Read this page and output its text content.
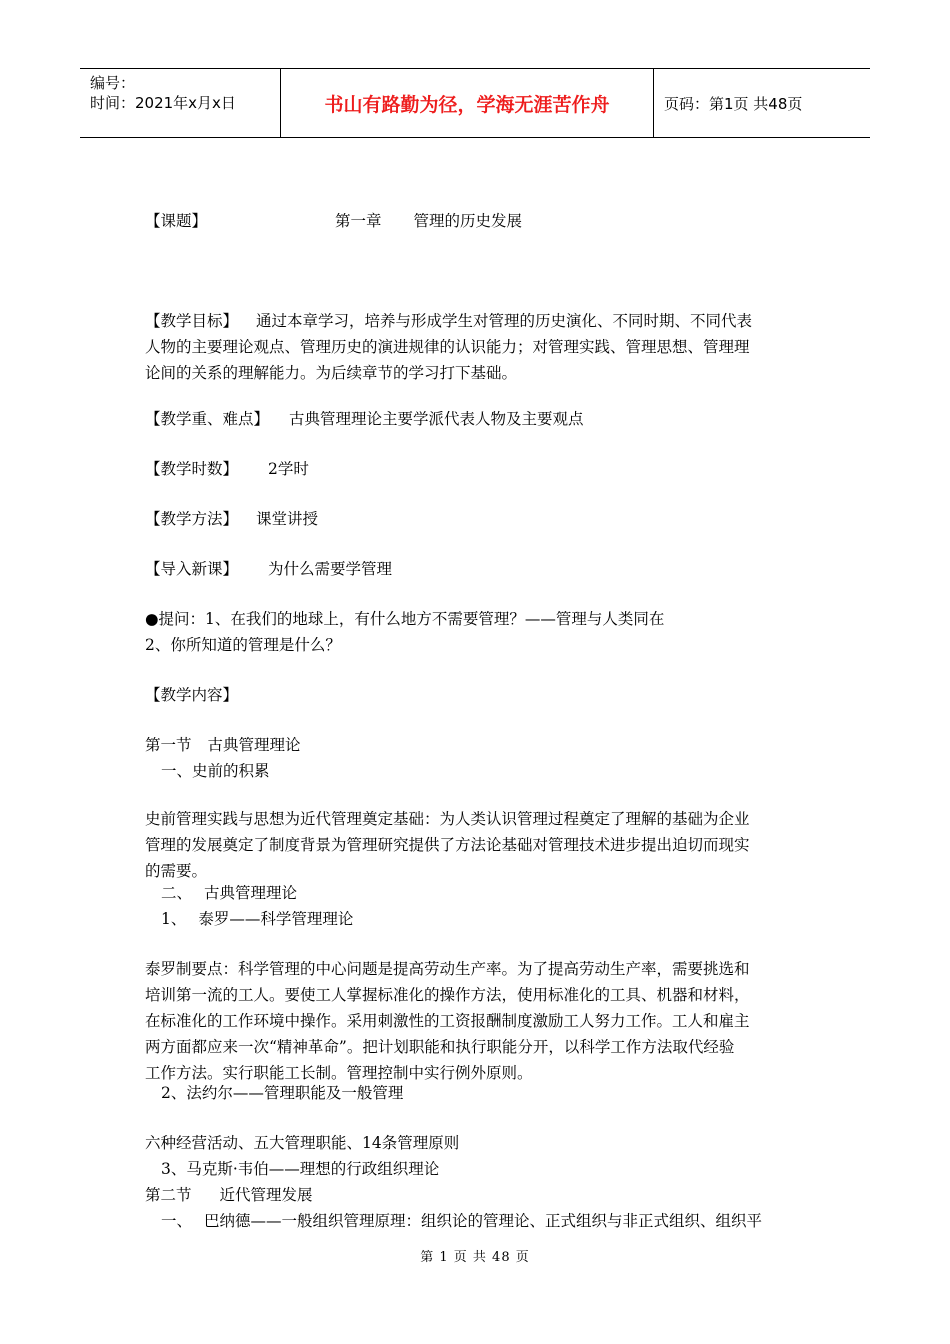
编号：
时间：2021年x月x日	书山有路勤为径，学海无涯苦作舟	页码：第1页 共48页
【课题】	第一章 管理的历史发展
【教学目标】 通过本章学习，培养与形成学生对管理的历史演化、不同时期、不同代表
人物的主要理论观点、管理历史的演进规律的认识能力；对管理实践、管理思想、管理理
论间的关系的理解能力。为后续章节的学习打下基础。
【教学重、难点】 古典管理理论主要学派代表人物及主要观点
【教学时数】 2学时
【教学方法】 课堂讲授
【导入新课】 为什么需要学管理
●提问：1、在我们的地球上，有什么地方不需要管理？——管理与人类同在
2、你所知道的管理是什么？
【教学内容】
第一节 古典管理理论
一、史前的积累
史前管理实践与思想为近代管理奠定基础：为人类认识管理过程奠定了理解的基础为企业
管理的发展奠定了制度背景为管理研究提供了方法论基础对管理技术进步提出迫切而现实
的需要。
二、 古典管理理论
1、 泰罗——科学管理理论
泰罗制要点：科学管理的中心问题是提高劳动生产率。为了提高劳动生产率，需要挑选和
培训第一流的工人。要使工人掌握标准化的操作方法，使用标准化的工具、机器和材料，
在标准化的工作环境中操作。采用刺激性的工资报酬制度激励工人努力工作。工人和雇主
两方面都应来一次“精神革命”。把计划职能和执行职能分开，以科学工作方法取代经验
工作方法。实行职能工长制。管理控制中实行例外原则。
2、法约尔——管理职能及一般管理
六种经营活动、五大管理职能、14条管理原则
3、马克斯·韦伯——理想的行政组织理论
第二节 近代管理发展
一、 巴纳德——一般组织管理原理：组织论的管理论、正式组织与非正式组织、组织平
第 1 页 共 48 页
